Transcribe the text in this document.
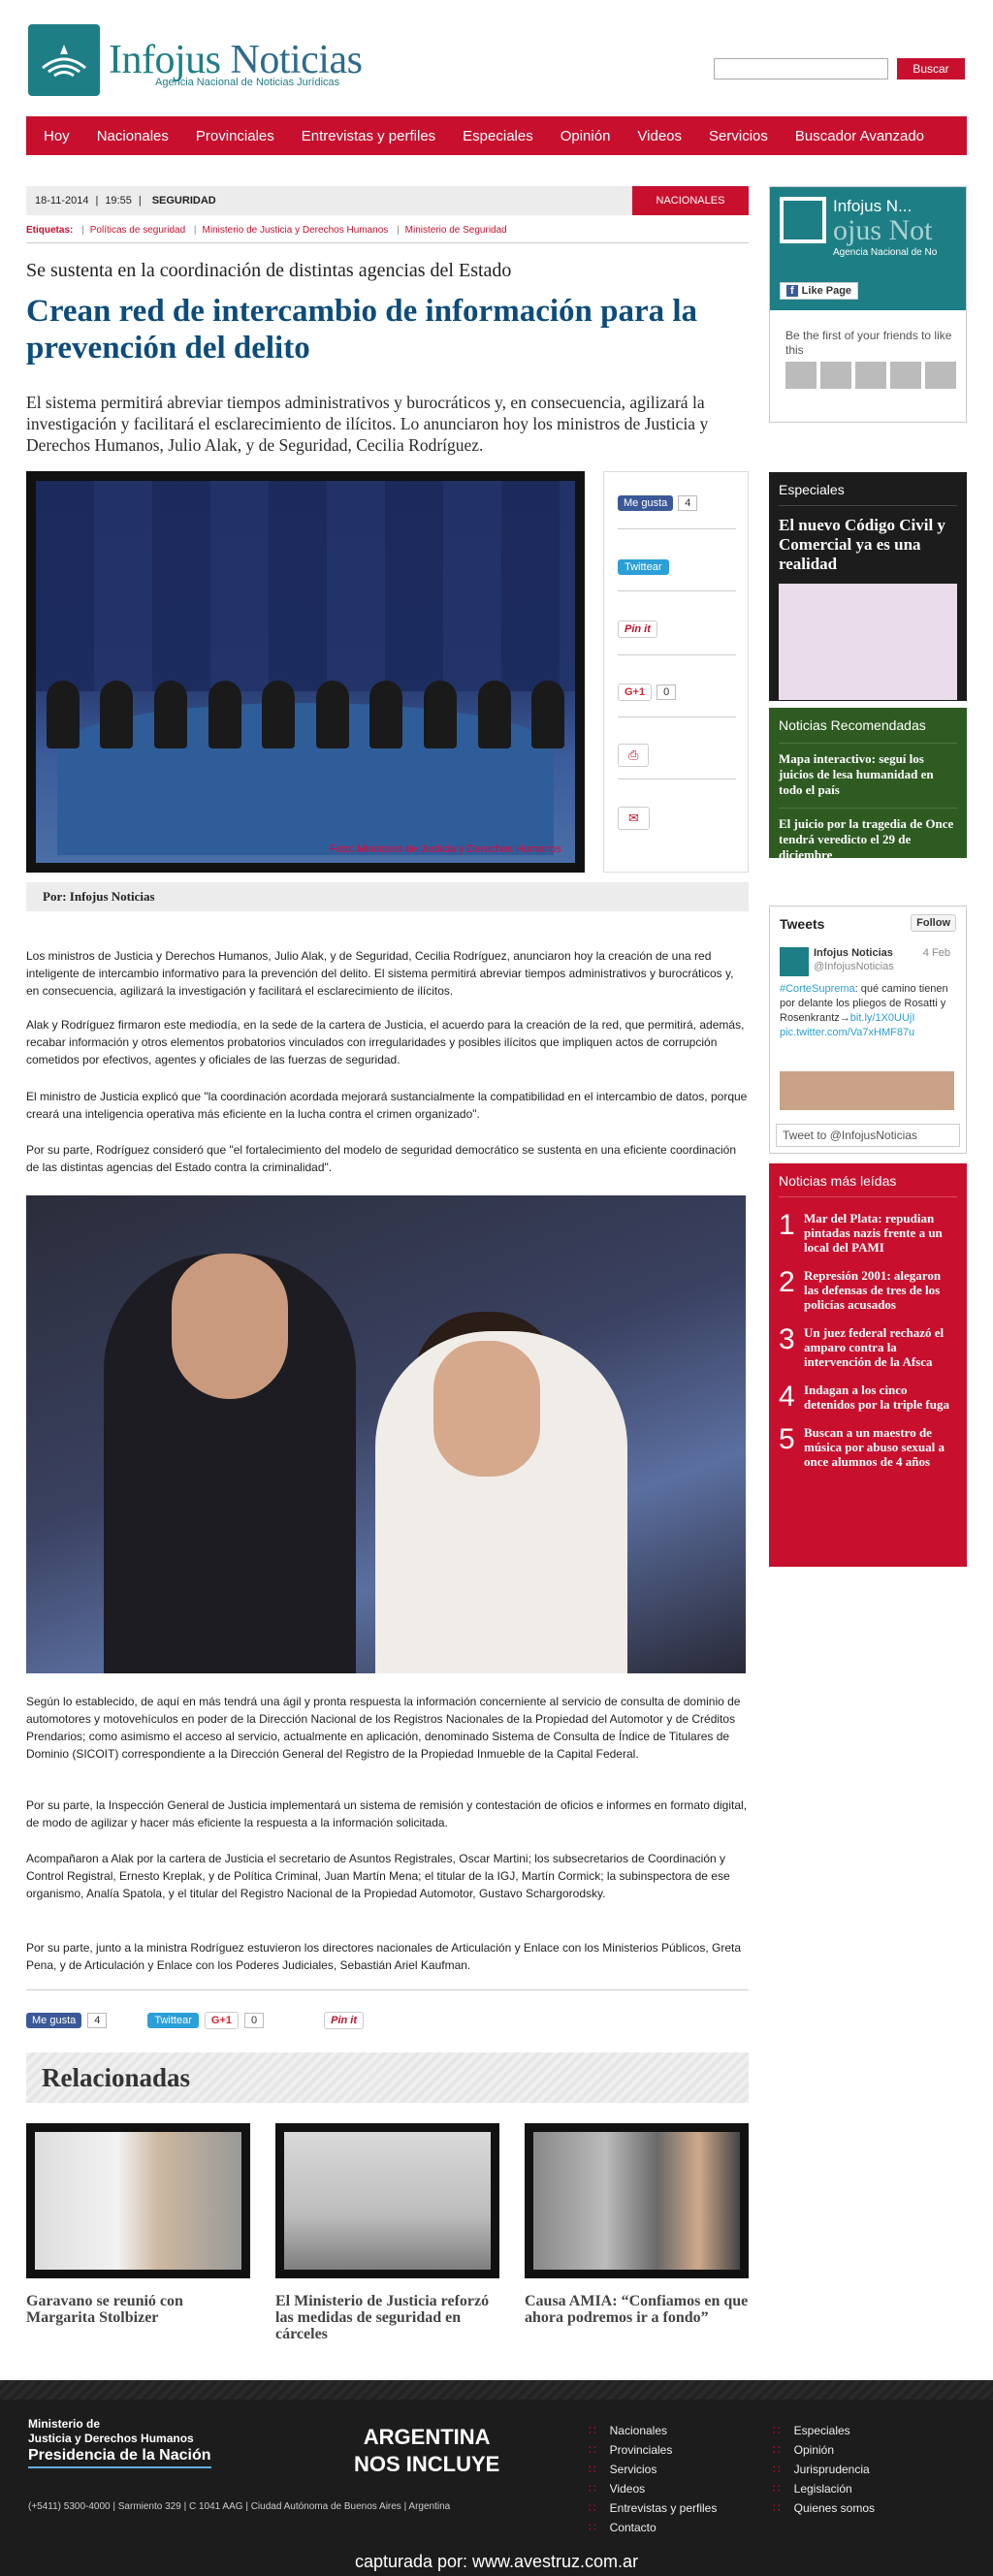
Infojus Noticias
Agencia Nacional de Noticias Jurídicas
Buscar
Hoy Nacionales Provinciales Entrevistas y perfiles Especiales Opinión Videos Servicios Buscador Avanzado
18-11-2014 | 19:55 | SEGURIDAD	NACIONALES
Etiquetas: | Políticas de seguridad | Ministerio de Justicia y Derechos Humanos | Ministerio de Seguridad
Se sustenta en la coordinación de distintas agencias del Estado
Crean red de intercambio de información para la prevención del delito

El sistema permitirá abreviar tiempos administrativos y burocráticos y, en consecuencia, agilizará la investigación y facilitará el esclarecimiento de ilícitos. Lo anunciaron hoy los ministros de Justicia y Derechos Humanos, Julio Alak, y de Seguridad, Cecilia Rodríguez.

Foto: Ministerio de Justicia y Derechos Humanos
Me gusta	4
Twittear
Pin it
G+1	0
⎙
✉
Por: Infojus Noticias

Los ministros de Justicia y Derechos Humanos, Julio Alak, y de Seguridad, Cecilia Rodríguez, anunciaron hoy la creación de una red inteligente de intercambio informativo para la prevención del delito. El sistema permitirá abreviar tiempos administrativos y burocráticos y, en consecuencia, agilizará la investigación y facilitará el esclarecimiento de ilícitos.

Alak y Rodríguez firmaron este mediodía, en la sede de la cartera de Justicia, el acuerdo para la creación de la red, que permitirá, además, recabar información y otros elementos probatorios vinculados con irregularidades y posibles ilícitos que impliquen actos de corrupción cometidos por efectivos, agentes y oficiales de las fuerzas de seguridad.

El ministro de Justicia explicó que "la coordinación acordada mejorará sustancialmente la compatibilidad en el intercambio de datos, porque creará una inteligencia operativa más eficiente en la lucha contra el crimen organizado".

Por su parte, Rodríguez consideró que "el fortalecimiento del modelo de seguridad democrático se sustenta en una eficiente coordinación de las distintas agencias del Estado contra la criminalidad".

Según lo establecido, de aquí en más tendrá una ágil y pronta respuesta la información concerniente al servicio de consulta de dominio de automotores y motovehículos en poder de la Dirección Nacional de los Registros Nacionales de la Propiedad del Automotor y de Créditos Prendarios; como asimismo el acceso al servicio, actualmente en aplicación, denominado Sistema de Consulta de Índice de Titulares de Dominio (SICOIT) correspondiente a la Dirección General del Registro de la Propiedad Inmueble de la Capital Federal.

Por su parte, la Inspección General de Justicia implementará un sistema de remisión y contestación de oficios e informes en formato digital, de modo de agilizar y hacer más eficiente la respuesta a la información solicitada.

Acompañaron a Alak por la cartera de Justicia el secretario de Asuntos Registrales, Oscar Martini; los subsecretarios de Coordinación y Control Registral, Ernesto Kreplak, y de Política Criminal, Juan Martín Mena; el titular de la IGJ, Martín Cormick; la subinspectora de ese organismo, Analía Spatola, y el titular del Registro Nacional de la Propiedad Automotor, Gustavo Schargorodsky.

Por su parte, junto a la ministra Rodríguez estuvieron los directores nacionales de Articulación y Enlace con los Ministerios Públicos, Greta Pena, y de Articulación y Enlace con los Poderes Judiciales, Sebastián Ariel Kaufman.

Me gusta	4	Twittear	G+1	0	Pin it
Relacionadas
Garavano se reunió con Margarita Stolbizer
El Ministerio de Justicia reforzó las medidas de seguridad en cárceles
Causa AMIA: “Confiamos en que ahora podremos ir a fondo”
Infojus N...
ojus Not
Agencia Nacional de No
f Like Page
Be the first of your friends to like this
Especiales
El nuevo Código Civil y Comercial ya es una realidad
Noticias Recomendadas
Mapa interactivo: seguí los juicios de lesa humanidad en todo el país
El juicio por la tragedia de Once tendrá veredicto el 29 de diciembre
Tweets	Follow
Infojus Noticias
@InfojusNoticias
4 Feb
#CorteSuprema: qué camino tienen por delante los pliegos de Rosatti y Rosenkrantz→bit.ly/1X0UUjI pic.twitter.com/Va7xHMF87u
Tweet to @InfojusNoticias
Noticias más leídas
1 Mar del Plata: repudian pintadas nazis frente a un local del PAMI
2 Represión 2001: alegaron las defensas de tres de los policías acusados
3 Un juez federal rechazó el amparo contra la intervención de la Afsca
4 Indagan a los cinco detenidos por la triple fuga
5 Buscan a un maestro de música por abuso sexual a once alumnos de 4 años
Ministerio de
Justicia y Derechos Humanos
Presidencia de la Nación
(+5411) 5300-4000 | Sarmiento 329 | C 1041 AAG | Ciudad Autónoma de Buenos Aires | Argentina
ARGENTINA
NOS INCLUYE
∷ Nacionales
∷ Provinciales
∷ Servicios
∷ Videos
∷ Entrevistas y perfiles
∷ Contacto
∷ Especiales
∷ Opinión
∷ Jurisprudencia
∷ Legislación
∷ Quienes somos
capturada por: www.avestruz.com.ar
